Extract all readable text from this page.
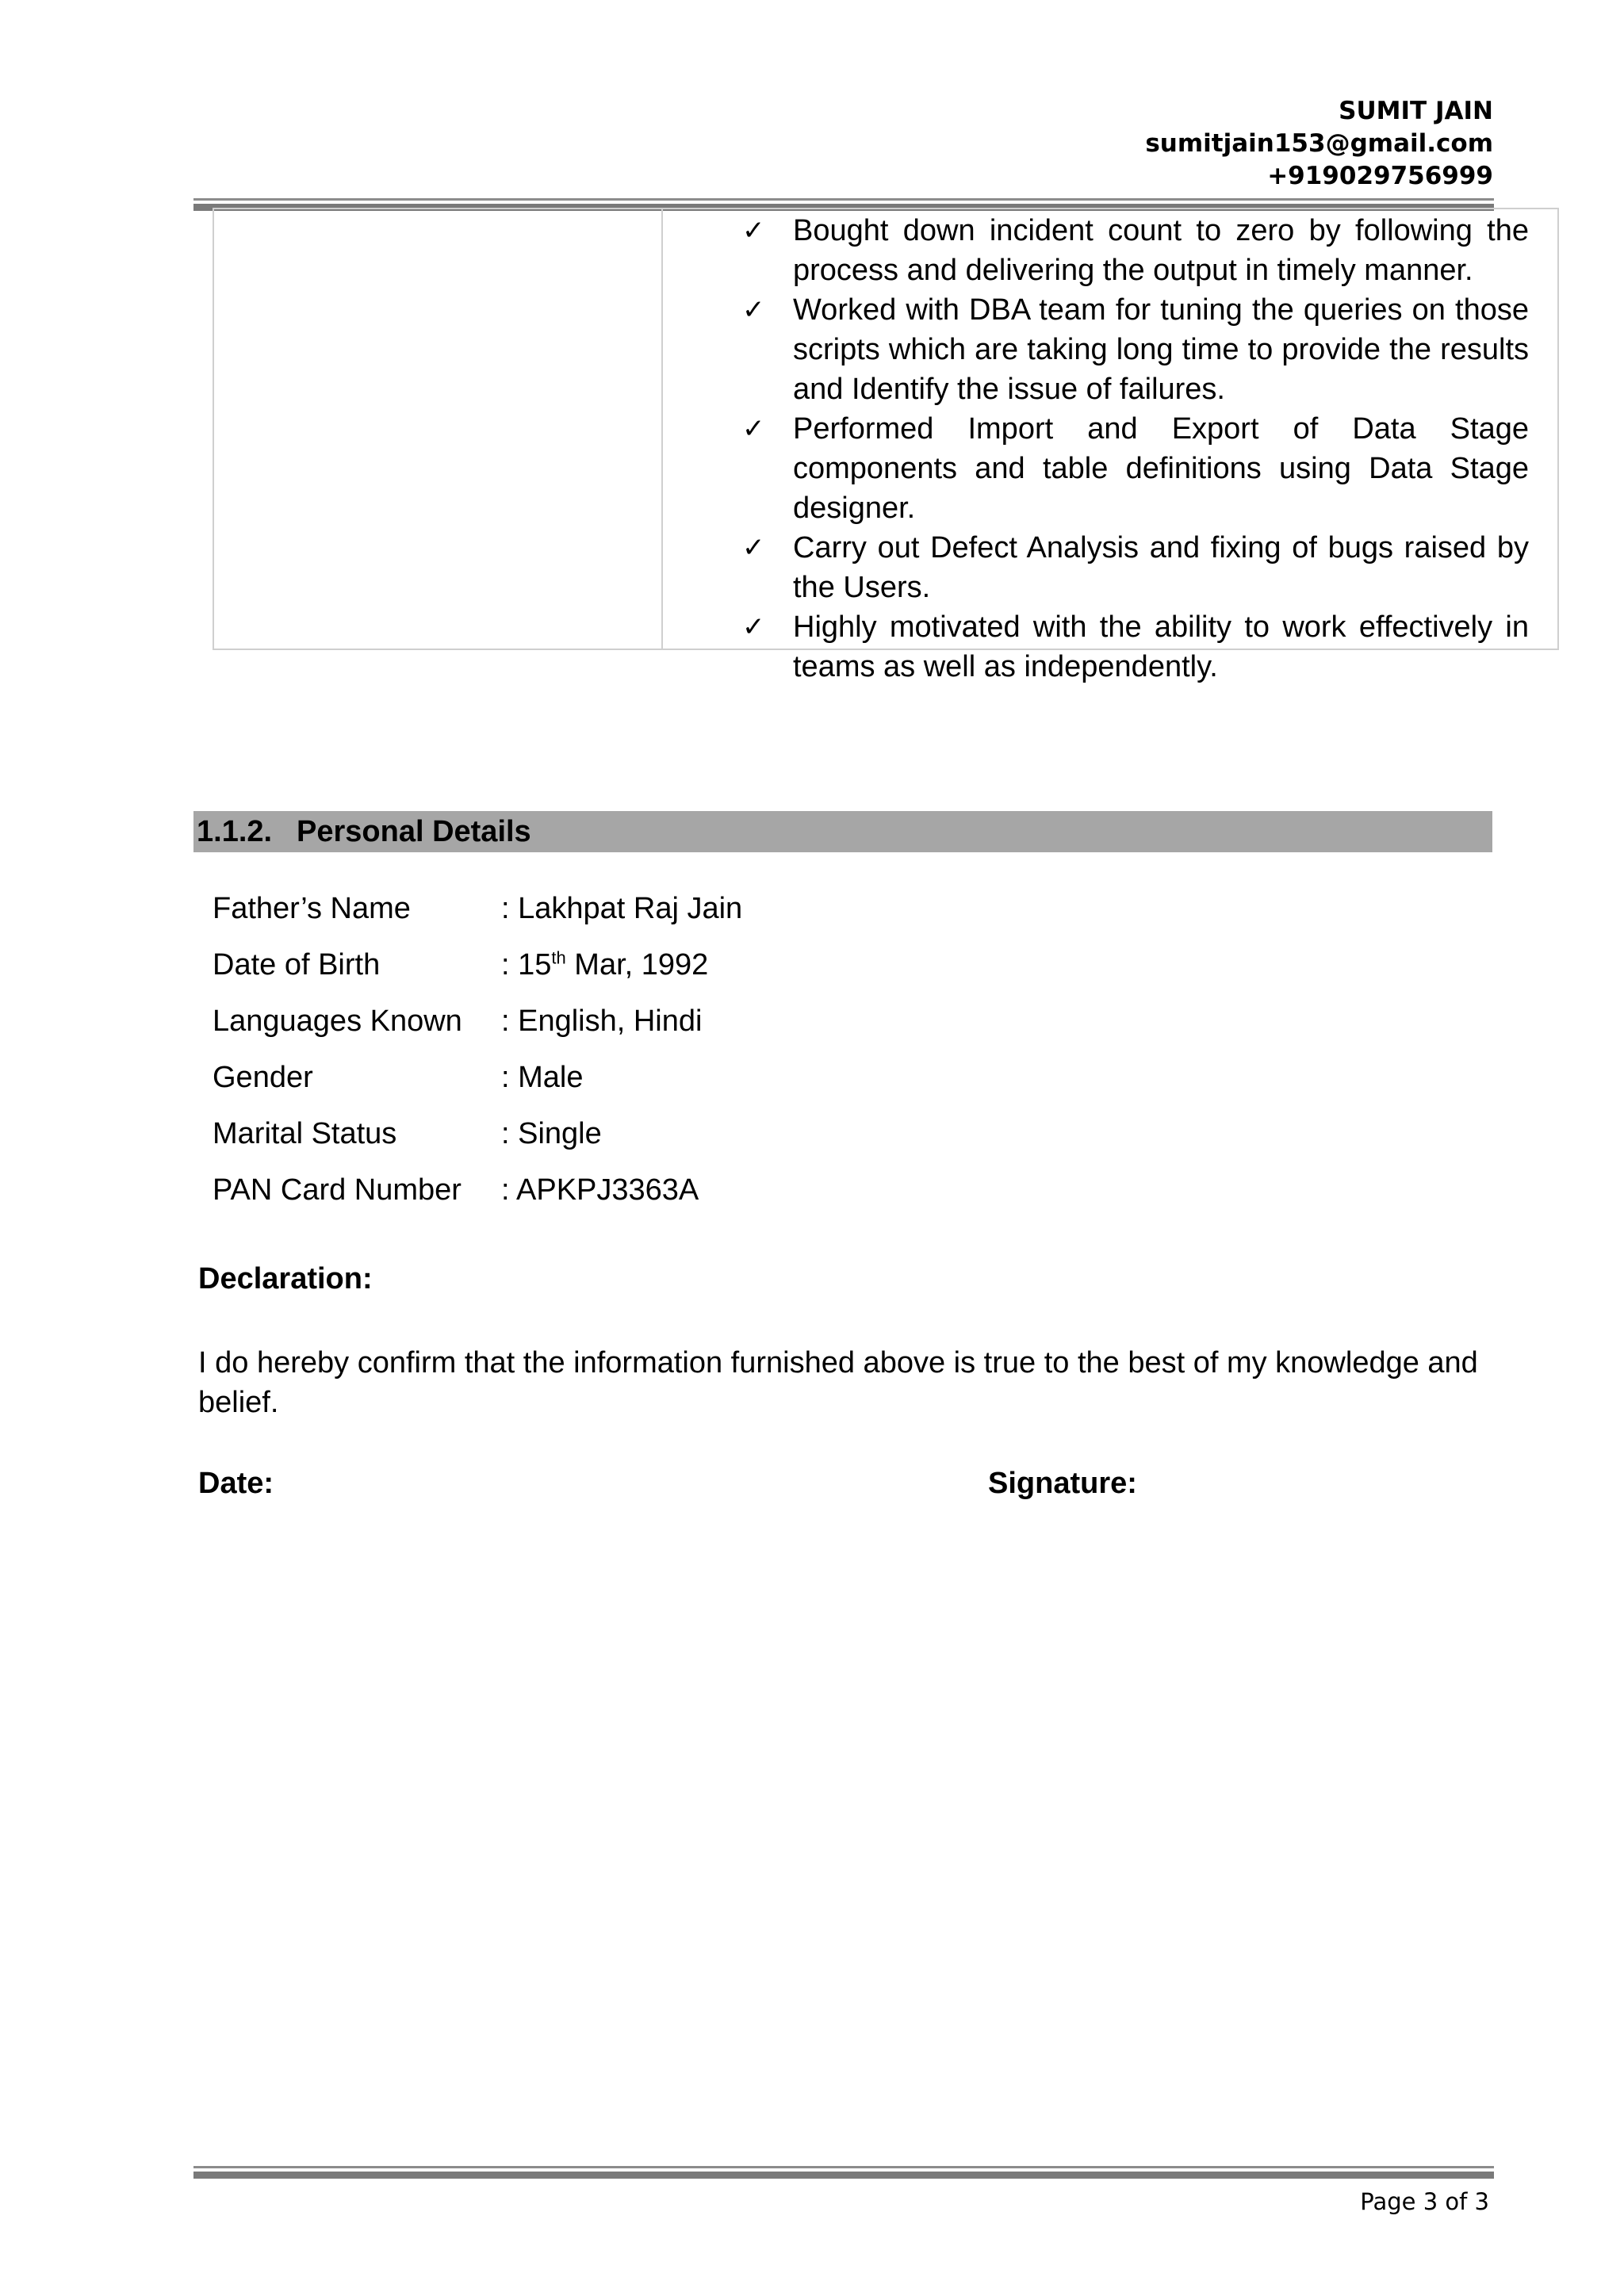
SUMIT JAIN
sumitjain153@gmail.com
+919029756999
✓ Bought down incident count to zero by following the process and delivering the output in timely manner.
✓ Worked with DBA team for tuning the queries on those scripts which are taking long time to provide the results and Identify the issue of failures.
✓ Performed Import and Export of Data Stage components and table definitions using Data Stage designer.
✓ Carry out Defect Analysis and fixing of bugs raised by the Users.
✓ Highly motivated with the ability to work effectively in teams as well as independently.
1.1.2. Personal Details
Father’s Name	: Lakhpat Raj Jain
Date of Birth	: 15th Mar, 1992
Languages Known : English, Hindi
Gender	: Male
Marital Status	: Single
PAN Card Number : APKPJ3363A
Declaration:
I do hereby confirm that the information furnished above is true to the best of my knowledge and belief.
Date:	Signature:
Page 3 of 3
